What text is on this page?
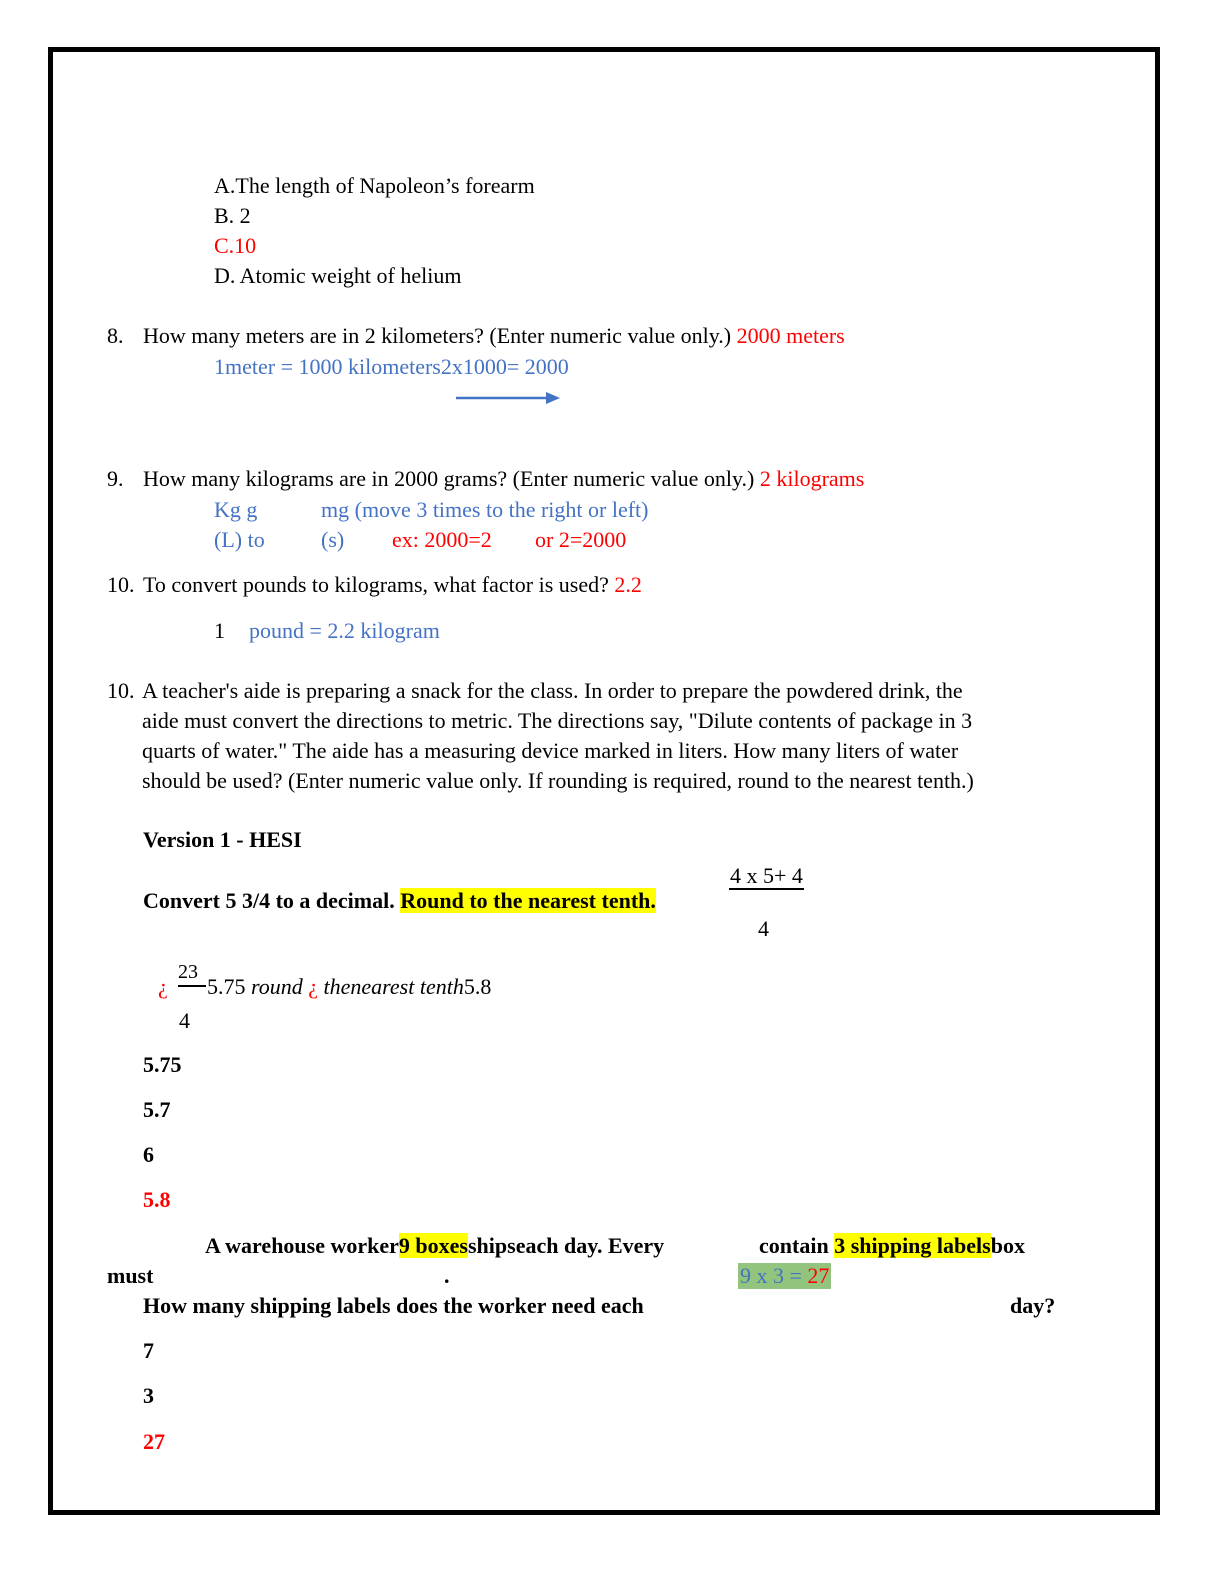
A.The length of Napoleon’s forearm
B. 2
C.10
D. Atomic weight of helium
8. How many meters are in 2 kilometers? (Enter numeric value only.) 2000 meters
1meter = 1000 kilometers2x1000= 2000
9. How many kilograms are in 2000 grams? (Enter numeric value only.) 2 kilograms
Kg g	mg (move 3 times to the right or left)
(L) to	(s) ex: 2000=2 or 2=2000
10. To convert pounds to kilograms, what factor is used? 2.2
1 pound = 2.2 kilogram
10. A teacher's aide is preparing a snack for the class. In order to prepare the powdered drink, the
aide must convert the directions to metric. The directions say, "Dilute contents of package in 3
quarts of water." The aide has a measuring device marked in liters. How many liters of water
should be used? (Enter numeric value only. If rounding is required, round to the nearest tenth.)
Version 1 - HESI
Convert 5 3/4 to a decimal. Round to the nearest tenth.
4 x 5+ 4
4
¿
23
4
5.75 round ¿ thenearest tenth5.8
5.75
5.7
6
5.8
A warehouse worker9 boxesshipseach day. Every	contain 3 shipping labelsbox
must	.	9 x 3 = 27
How many shipping labels does the worker need each	day?
7
3
27
